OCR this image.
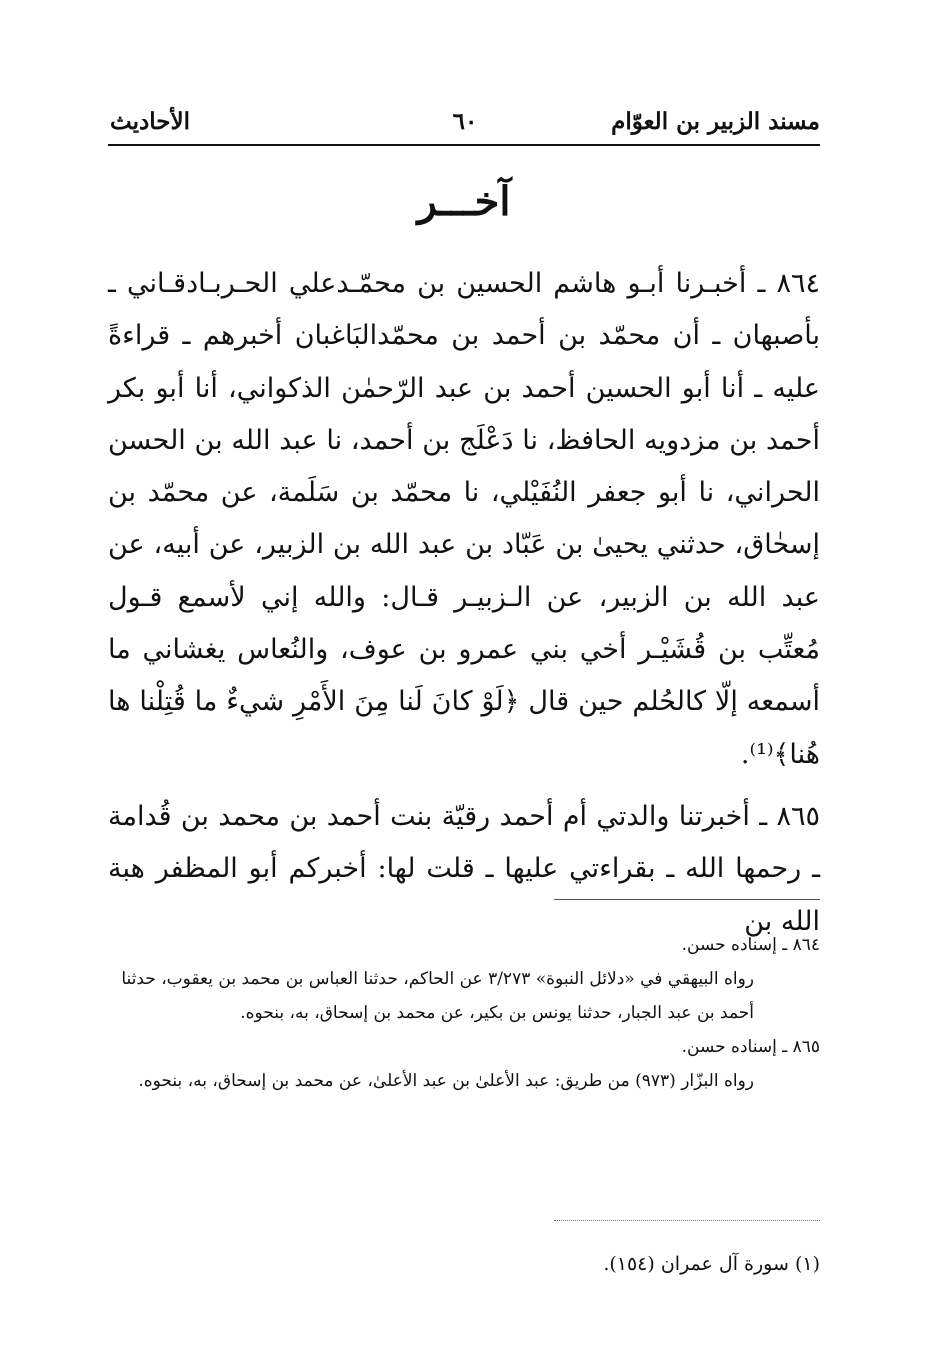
مسند الزبير بن العوّام
٦٠
الأحاديث
آخـــر

٨٦٤ ـ أخبـرنا أبـو هاشم الحسين بن محمّـدعلي الحـربـادقـاني ـ بأصبهان ـ أن محمّد بن أحمد بن محمّدالبَاغبان أخبرهم ـ قراءةً عليه ـ أنا أبو الحسين أحمد بن عبد الرّحمٰن الذكواني، أنا أبو بكر أحمد بن مزدويه الحافظ، نا دَعْلَج بن أحمد، نا عبد الله بن الحسن الحراني، نا أبو جعفر النُفَيْلي، نا محمّد بن سَلَمة، عن محمّد بن إسحٰاق، حدثني يحيىٰ بن عَبّاد بن عبد الله بن الزبير، عن أبيه، عن عبد الله بن الزبير، عن الـزبيـر قـال: والله إني لأسمع قـول مُعتِّب بن قُشَيْـر أخي بني عمرو بن عوف، والنُعاس يغشاني ما أسمعه إلّا كالحُلم حين قال ﴿لَوْ كانَ لَنا مِنَ الأَمْرِ شيءٌ ما قُتِلْنا ها هُنا﴾⁽¹⁾.

٨٦٥ ـ أخبرتنا والدتي أم أحمد رقيّة بنت أحمد بن محمد بن قُدامة ـ رحمها الله ـ بقراءتي عليها ـ قلت لها: أخبركم أبو المظفر هبة الله بن

٨٦٤ ـ إسناده حسن.

رواه البيهقي في «دلائل النبوة» ٣/٢٧٣ عن الحاكم، حدثنا العباس بن محمد بن يعقوب، حدثنا أحمد بن عبد الجبار، حدثنا يونس بن بكير، عن محمد بن إسحاق، به، بنحوه.

٨٦٥ ـ إسناده حسن.

رواه البزّار (٩٧٣) من طريق: عبد الأعلىٰ بن عبد الأعلىٰ، عن محمد بن إسحاق، به، بنحوه.

(١) سورة آل عمران (١٥٤).
